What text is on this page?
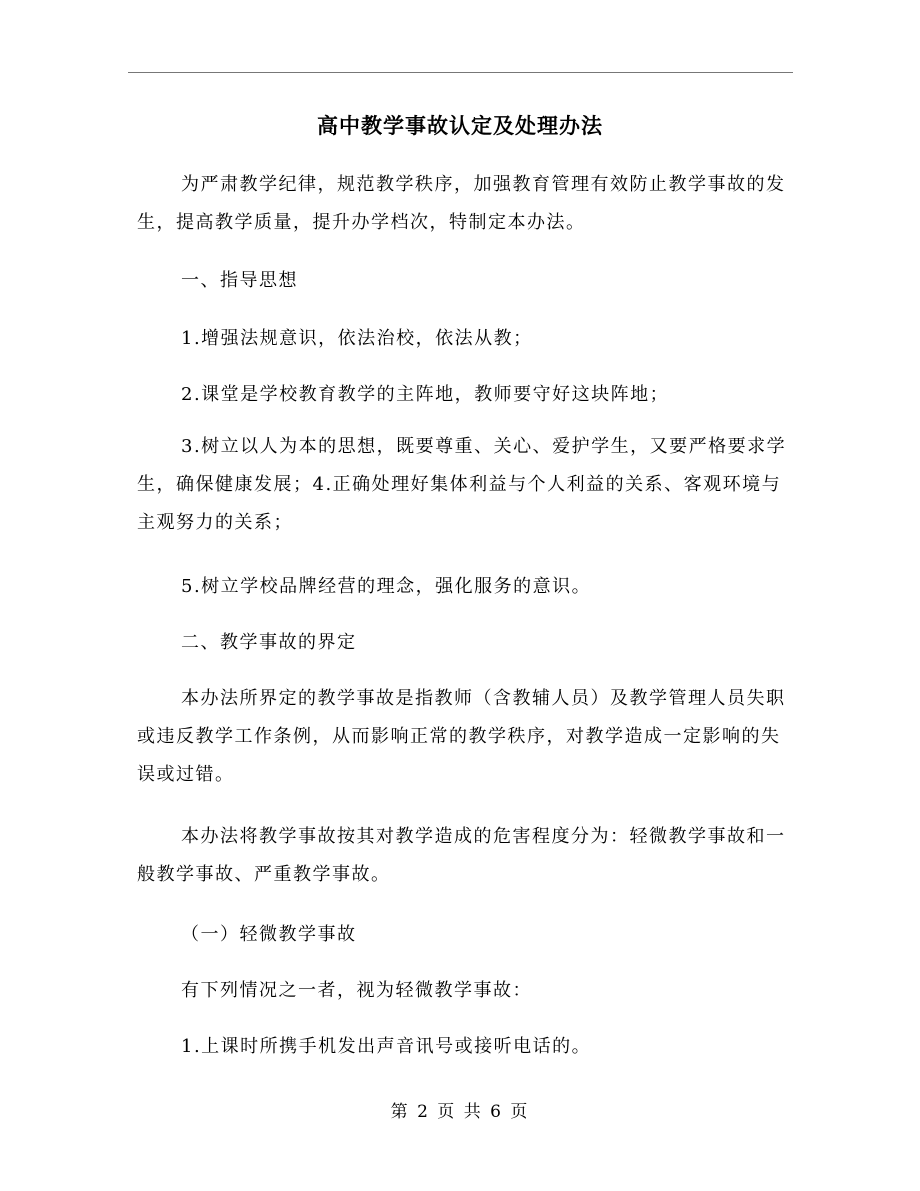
高中教学事故认定及处理办法
为严肃教学纪律，规范教学秩序，加强教育管理有效防止教学事故的发生，提高教学质量，提升办学档次，特制定本办法。
一、指导思想
1.增强法规意识，依法治校，依法从教；
2.课堂是学校教育教学的主阵地，教师要守好这块阵地；
3.树立以人为本的思想，既要尊重、关心、爱护学生，又要严格要求学生，确保健康发展；4.正确处理好集体利益与个人利益的关系、客观环境与主观努力的关系；
5.树立学校品牌经营的理念，强化服务的意识。
二、教学事故的界定
本办法所界定的教学事故是指教师（含教辅人员）及教学管理人员失职或违反教学工作条例，从而影响正常的教学秩序，对教学造成一定影响的失误或过错。
本办法将教学事故按其对教学造成的危害程度分为：轻微教学事故和一般教学事故、严重教学事故。
（一）轻微教学事故
有下列情况之一者，视为轻微教学事故：
1.上课时所携手机发出声音讯号或接听电话的。
第 2 页 共 6 页
